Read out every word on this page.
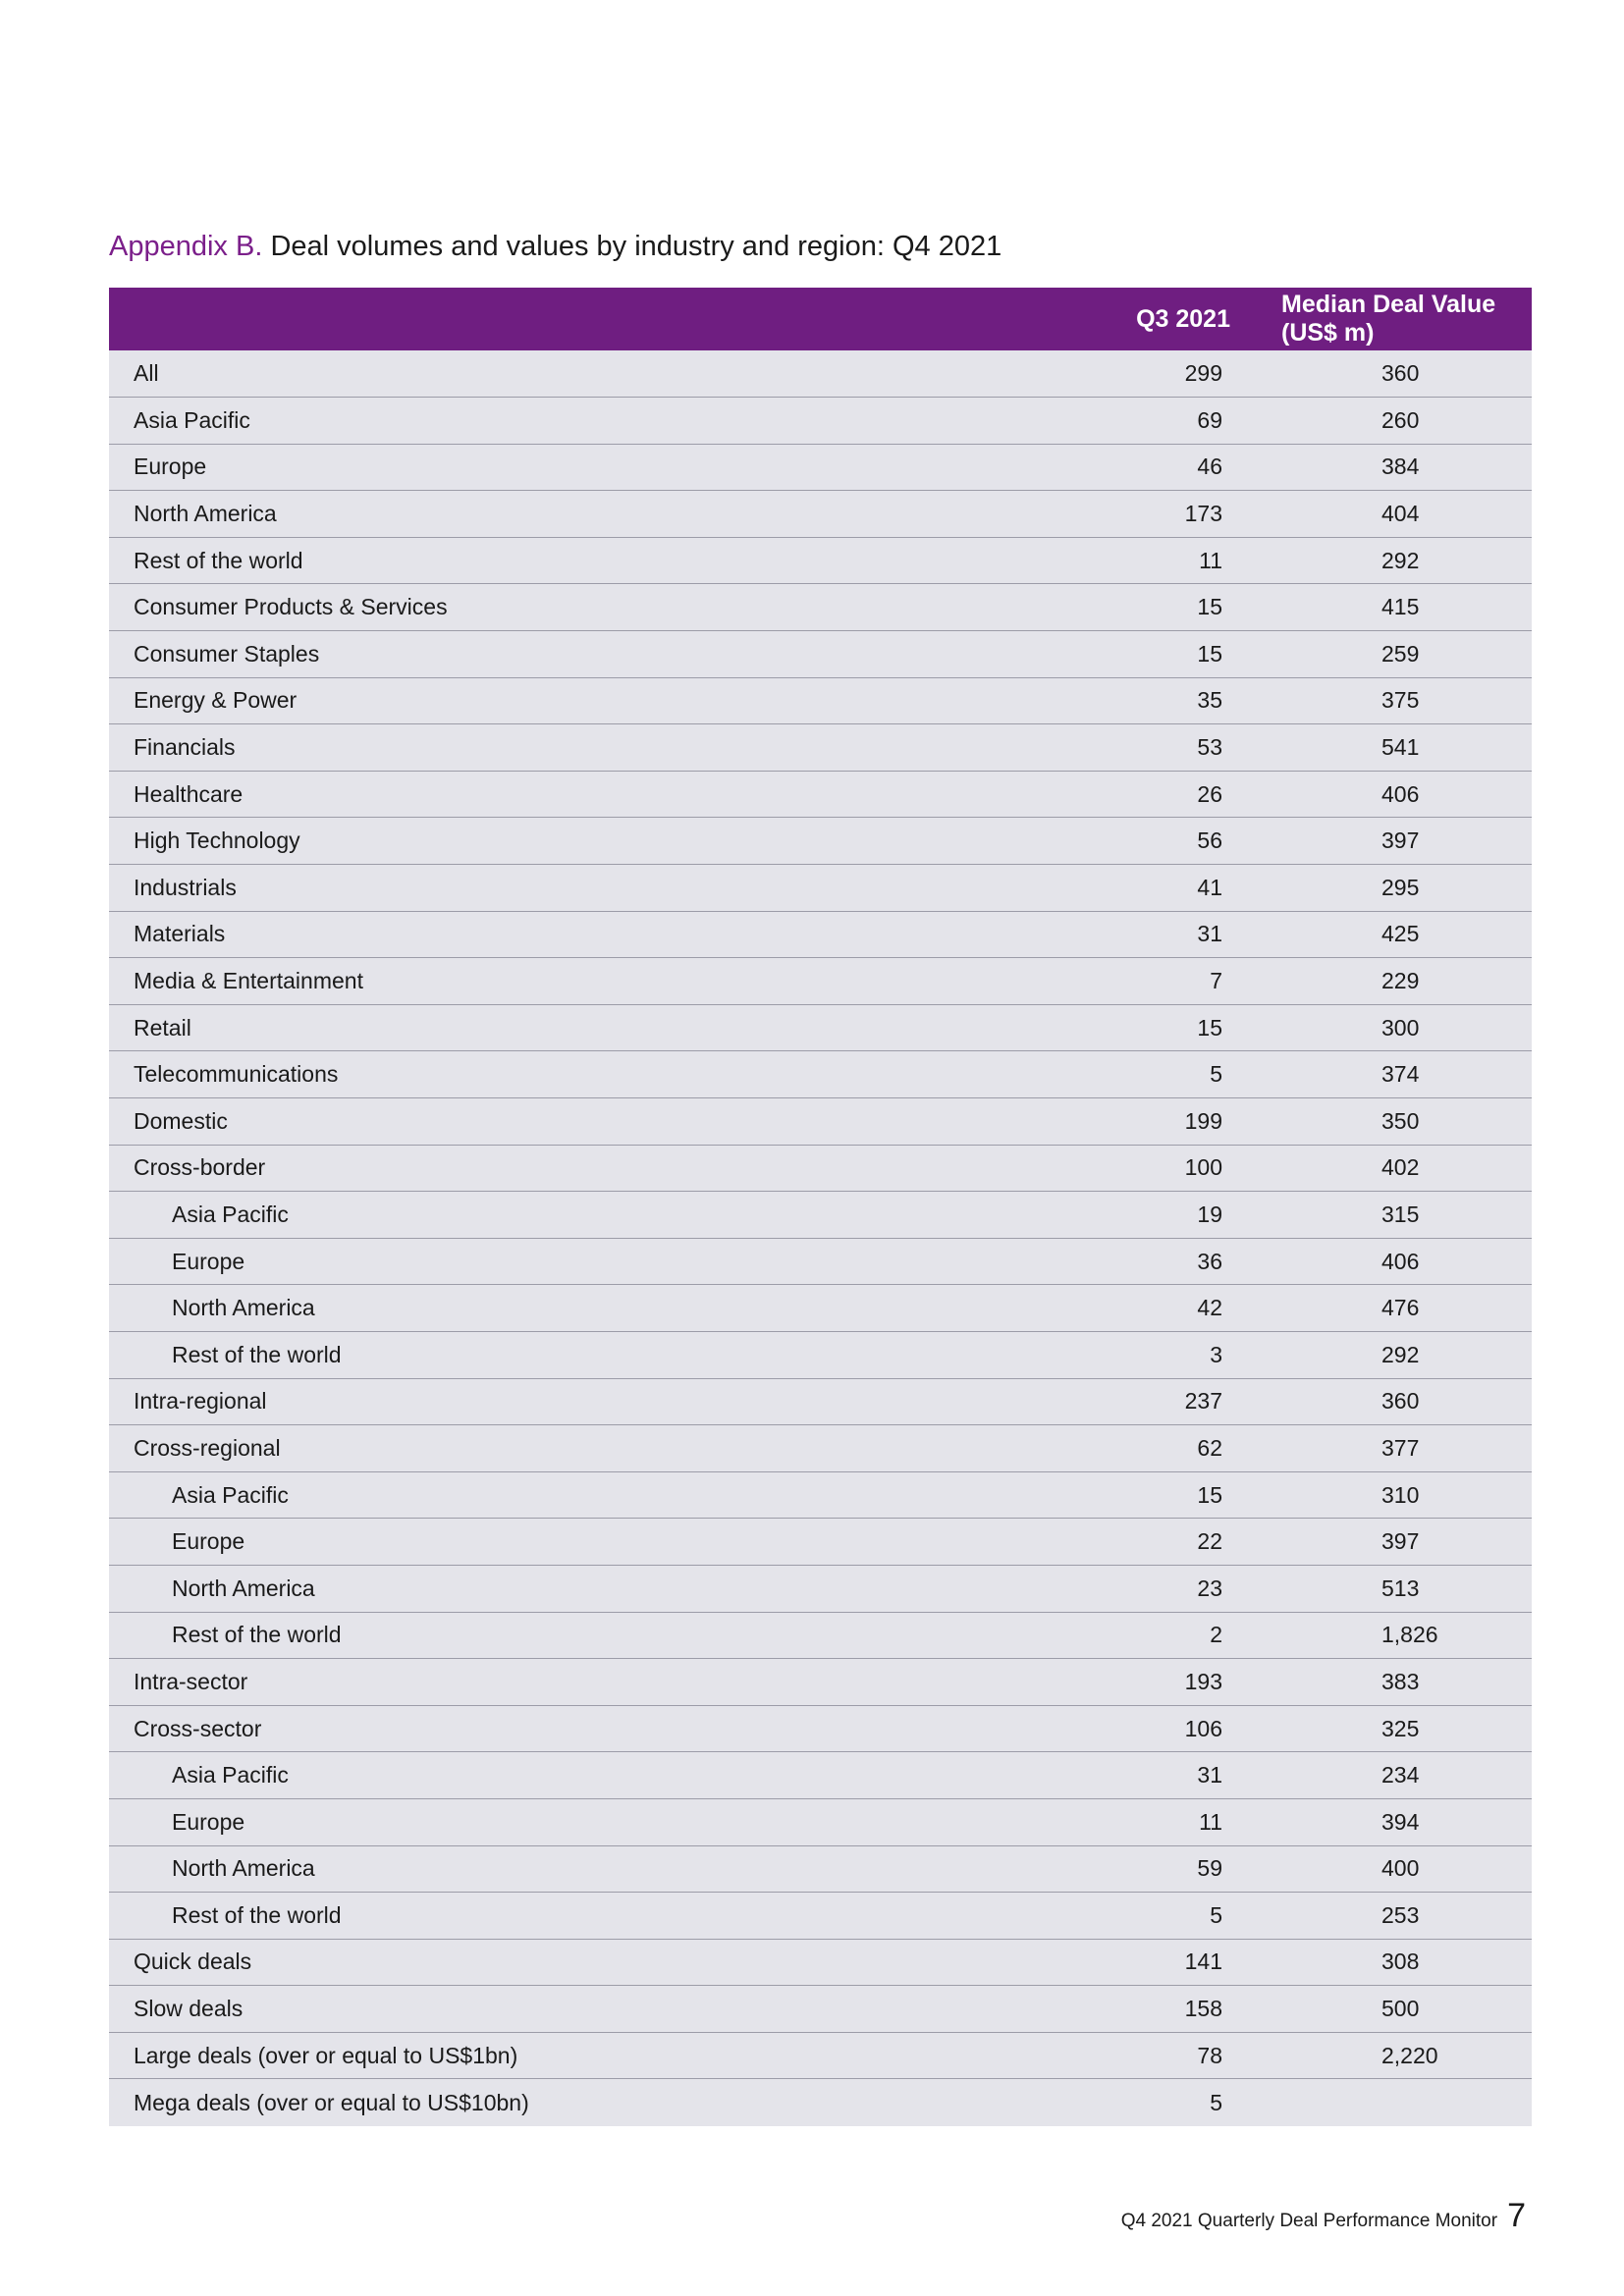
Appendix B. Deal volumes and values by industry and region: Q4 2021
	Q3 2021	Median Deal Value (US$ m)
All	299	360
Asia Pacific	69	260
Europe	46	384
North America	173	404
Rest of the world	11	292
Consumer Products & Services	15	415
Consumer Staples	15	259
Energy & Power	35	375
Financials	53	541
Healthcare	26	406
High Technology	56	397
Industrials	41	295
Materials	31	425
Media & Entertainment	7	229
Retail	15	300
Telecommunications	5	374
Domestic	199	350
Cross-border	100	402
Asia Pacific	19	315
Europe	36	406
North America	42	476
Rest of the world	3	292
Intra-regional	237	360
Cross-regional	62	377
Asia Pacific	15	310
Europe	22	397
North America	23	513
Rest of the world	2	1,826
Intra-sector	193	383
Cross-sector	106	325
Asia Pacific	31	234
Europe	11	394
North America	59	400
Rest of the world	5	253
Quick deals	141	308
Slow deals	158	500
Large deals (over or equal to US$1bn)	78	2,220
Mega deals (over or equal to US$10bn)	5	
Q4 2021 Quarterly Deal Performance Monitor 7
